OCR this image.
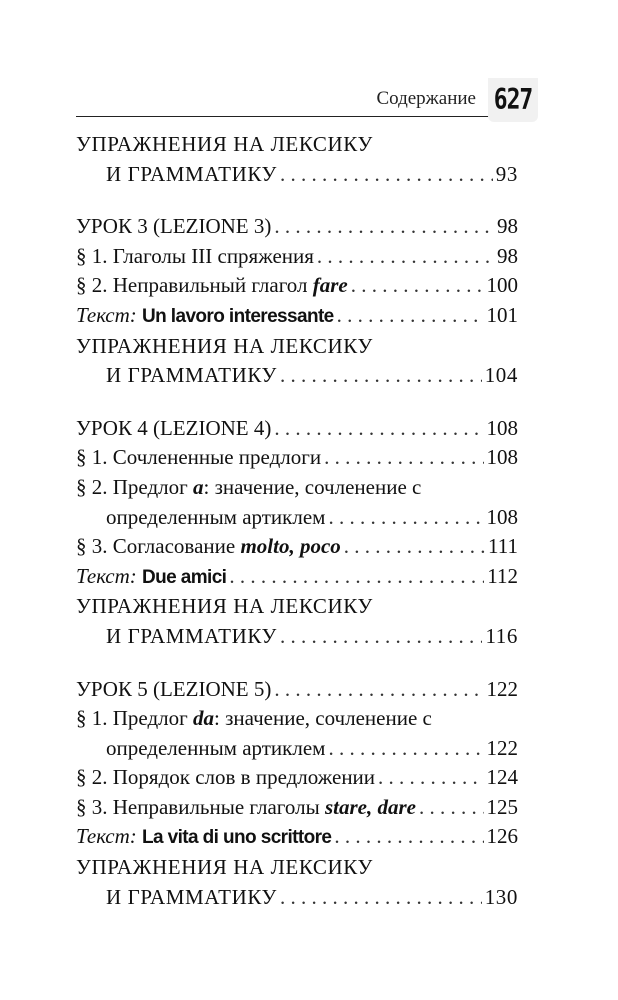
Содержание 627
УПРАЖНЕНИЯ НА ЛЕКСИКУ
И ГРАММАТИКУ . . .	93
УРОК 3 (LEZIONE 3) . . .	98
§ 1. Глаголы III спряжения . . .	98
§ 2. Неправильный глагол fare . . .	100
Текст: Un lavoro interessante . . .	101
УПРАЖНЕНИЯ НА ЛЕКСИКУ
И ГРАММАТИКУ . . .	104
УРОК 4 (LEZIONE 4) . . .	108
§ 1. Сочлененные предлоги . . .	108
§ 2. Предлог a: значение, сочленение с
определенным артиклем . . .	108
§ 3. Согласование molto, poco . . .	111
Текст: Due amici . . .	112
УПРАЖНЕНИЯ НА ЛЕКСИКУ
И ГРАММАТИКУ . . .	116
УРОК 5 (LEZIONE 5) . . .	122
§ 1. Предлог da: значение, сочленение с
определенным артиклем . . .	122
§ 2. Порядок слов в предложении . . .	124
§ 3. Неправильные глаголы stare, dare . . .	125
Текст: La vita di uno scrittore . . .	126
УПРАЖНЕНИЯ НА ЛЕКСИКУ
И ГРАММАТИКУ . . .	130
